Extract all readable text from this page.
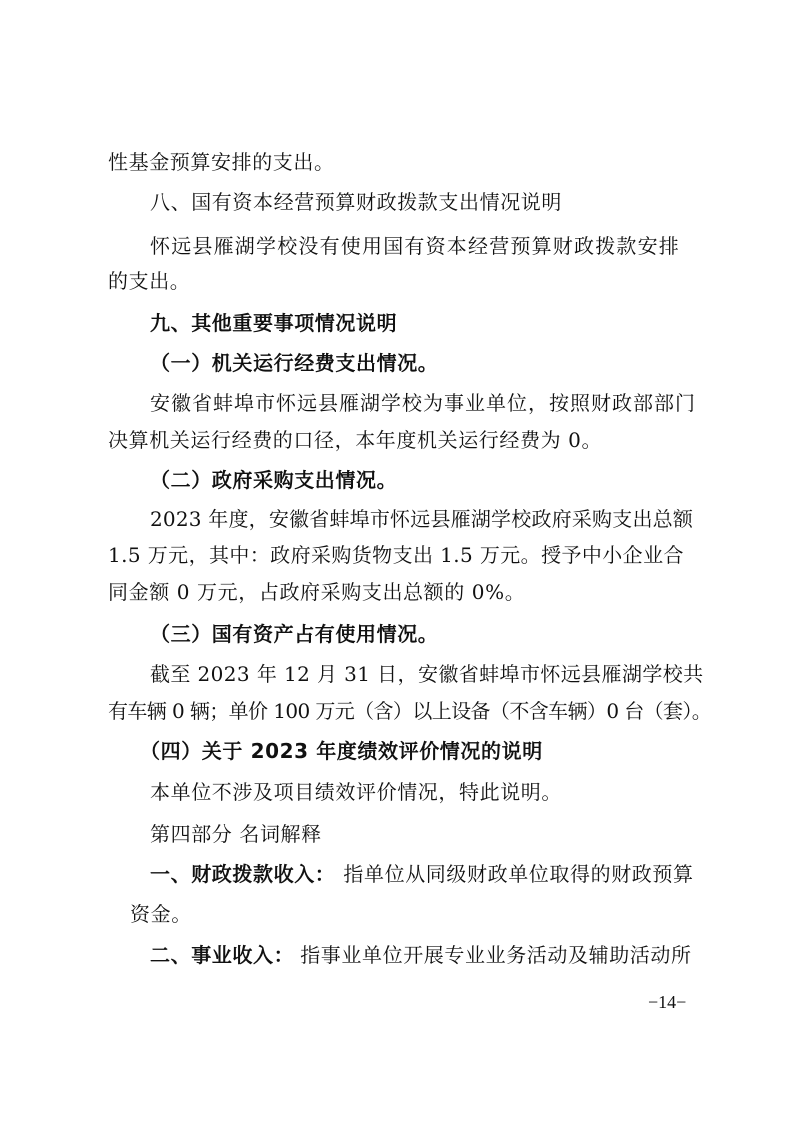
性基金预算安排的支出。
八、国有资本经营预算财政拨款支出情况说明
怀远县雁湖学校没有使用国有资本经营预算财政拨款安排
的支出。
九、其他重要事项情况说明
（一）机关运行经费支出情况。
安徽省蚌埠市怀远县雁湖学校为事业单位，按照财政部部门
决算机关运行经费的口径，本年度机关运行经费为 0。
（二）政府采购支出情况。
2023 年度，安徽省蚌埠市怀远县雁湖学校政府采购支出总额
1.5 万元，其中：政府采购货物支出 1.5 万元。授予中小企业合
同金额 0 万元，占政府采购支出总额的 0%。
（三）国有资产占有使用情况。
截至 2023 年 12 月 31 日，安徽省蚌埠市怀远县雁湖学校共
有车辆 0 辆；单价 100 万元（含）以上设备（不含车辆）0 台（套）。
（四）关于 2023 年度绩效评价情况的说明
本单位不涉及项目绩效评价情况，特此说明。
第四部分 名词解释
一、财政拨款收入： 指单位从同级财政单位取得的财政预算
资金。
二、事业收入： 指事业单位开展专业业务活动及辅助活动所
−14−
